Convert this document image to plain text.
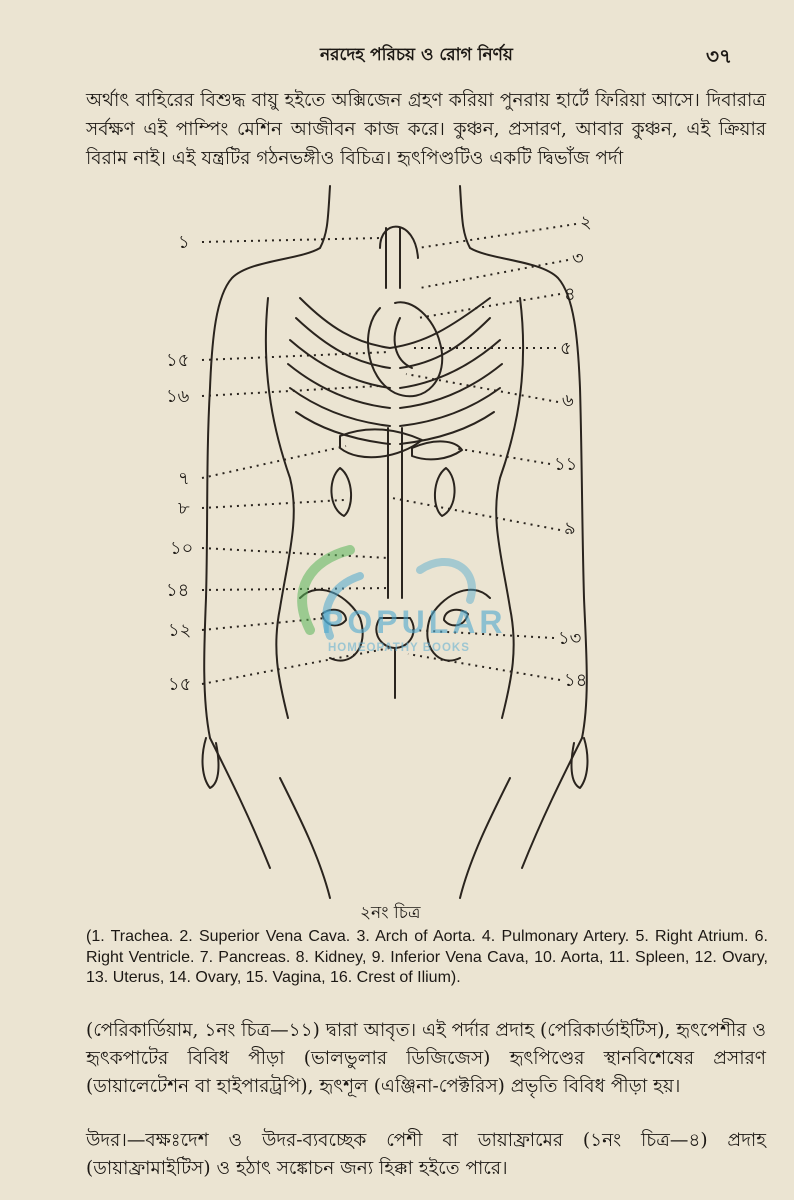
নরদেহ পরিচয় ও রোগ নির্ণয়	৩৭

অর্থাৎ বাহিরের বিশুদ্ধ বায়ু হইতে অক্সিজেন গ্রহণ করিয়া পুনরায় হার্টে ফিরিয়া আসে। দিবারাত্র সর্বক্ষণ এই পাম্পিং মেশিন আজীবন কাজ করে। কুঞ্চন, প্রসারণ, আবার কুঞ্চন, এই ক্রিয়ার বিরাম নাই। এই যন্ত্রটির গঠনভঙ্গীও বিচিত্র। হৃৎপিণ্ডটিও একটি দ্বিভাঁজ পর্দা

২
৩
৪
৫
৬
১১
৯
১৩
১৪
১
১৫
১৬
৭
৮
১০
১৪
১২
১৫
POPULAR
HOMEOPATHY BOOKS
২নং চিত্র

(1. Trachea. 2. Superior Vena Cava. 3. Arch of Aorta. 4. Pulmonary Artery. 5. Right Atrium. 6. Right Ventricle. 7. Pancreas. 8. Kidney, 9. Inferior Vena Cava, 10. Aorta, 11. Spleen, 12. Ovary, 13. Uterus, 14. Ovary, 15. Vagina, 16. Crest of Ilium).

(পেরিকার্ডিয়াম, ১নং চিত্র—১১) দ্বারা আবৃত। এই পর্দার প্রদাহ (পেরিকার্ডাইটিস), হৃৎপেশীর ও হৃৎকপাটের বিবিধ পীড়া (ভালভুলার ডিজিজেস) হৃৎপিণ্ডের স্থানবিশেষের প্রসারণ (ডায়ালেটেশন বা হাইপারট্রপি), হৃৎশূল (এঞ্জিনা-পেক্টরিস) প্রভৃতি বিবিধ পীড়া হয়।

উদর।—বক্ষঃদেশ ও উদর-ব্যবচ্ছেক পেশী বা ডায়াফ্রামের (১নং চিত্র—৪) প্রদাহ (ডায়াফ্রামাইটিস) ও হঠাৎ সঙ্কোচন জন্য হিক্কা হইতে পারে।
